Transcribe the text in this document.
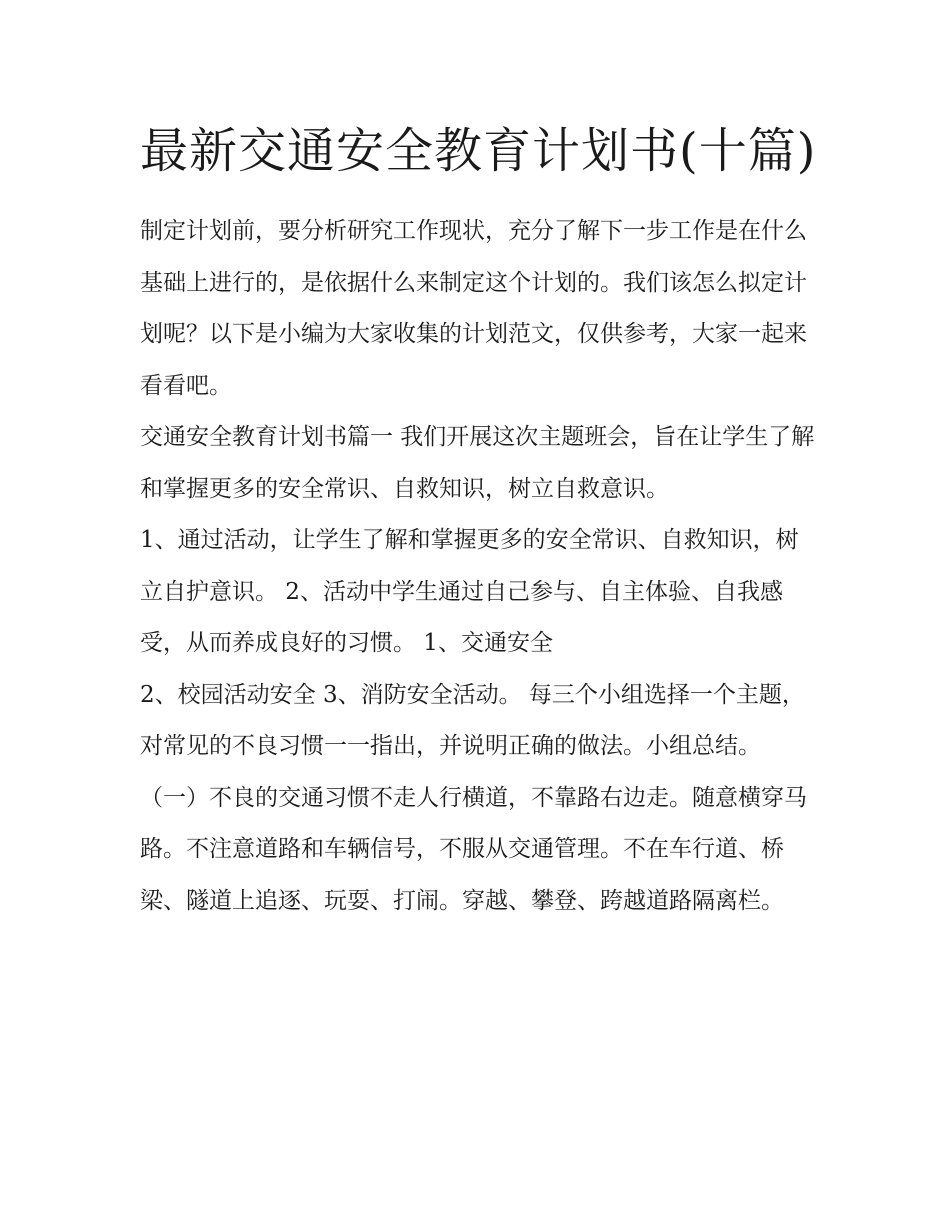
最新交通安全教育计划书(十篇)

制定计划前，要分析研究工作现状，充分了解下一步工作是在什么基础上进行的，是依据什么来制定这个计划的。我们该怎么拟定计划呢？以下是小编为大家收集的计划范文，仅供参考，大家一起来看看吧。

交通安全教育计划书篇一 我们开展这次主题班会，旨在让学生了解和掌握更多的安全常识、自救知识，树立自救意识。

1、通过活动，让学生了解和掌握更多的安全常识、自救知识，树立自护意识。 2、活动中学生通过自己参与、自主体验、自我感受，从而养成良好的习惯。 1、交通安全

2、校园活动安全 3、消防安全活动。 每三个小组选择一个主题，对常见的不良习惯一一指出，并说明正确的做法。小组总结。

（一）不良的交通习惯不走人行横道，不靠路右边走。随意横穿马路。不注意道路和车辆信号，不服从交通管理。不在车行道、桥梁、隧道上追逐、玩耍、打闹。穿越、攀登、跨越道路隔离栏。
